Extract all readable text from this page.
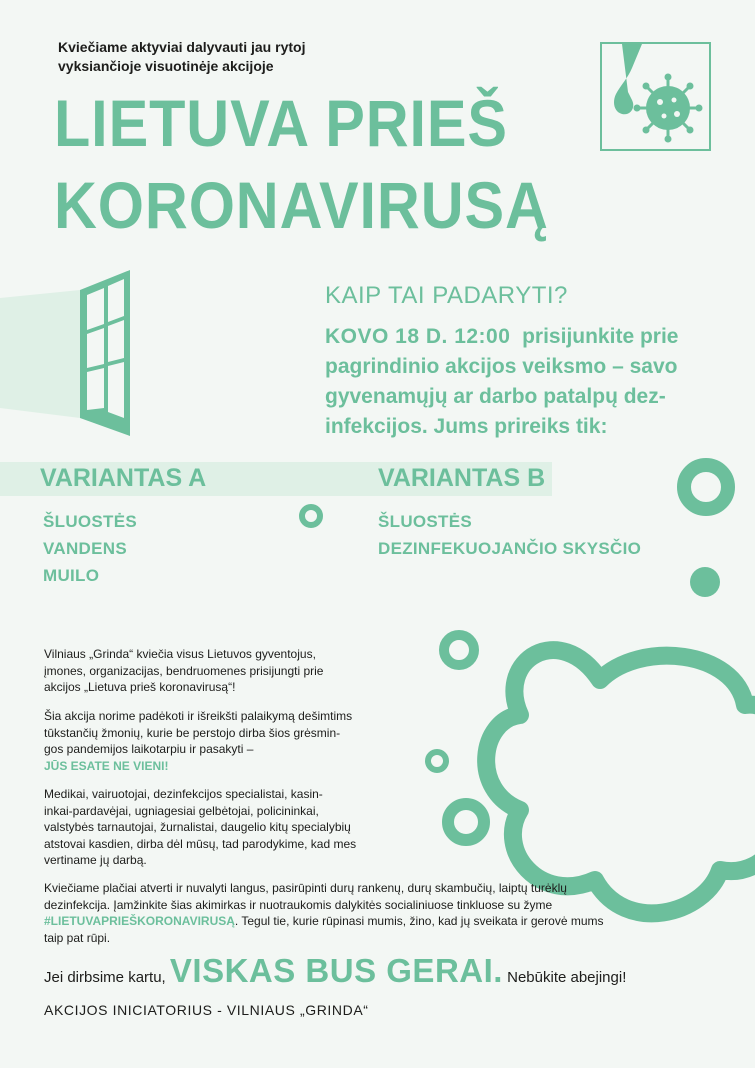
Kviečiame aktyviai dalyvauti jau rytoj
vyksiančioje visuotinėje akcijoje
LIETUVA PRIEŠ
KORONAVIRUSĄ
KAIP TAI PADARYTI?
KOVO 18 D. 12:00 prisijunkite prie
pagrindinio akcijos veiksmo – savo
gyvenamųjų ar darbo patalpų dez-
infekcijos. Jums prireiks tik:
VARIANTAS A	VARIANTAS B
ŠLUOSTĖS
VANDENS
MUILO
ŠLUOSTĖS
DEZINFEKUOJANČIO SKYSČIO
Vilniaus „Grinda“ kviečia visus Lietuvos gyventojus,
įmones, organizacijas, bendruomenes prisijungti prie
akcijos „Lietuva prieš koronavirusą“!
Šia akcija norime padėkoti ir išreikšti palaikymą dešimtims
tūkstančių žmonių, kurie be perstojo dirba šios grėsmin-
gos pandemijos laikotarpiu ir pasakyti –
JŪS ESATE NE VIENI!
Medikai, vairuotojai, dezinfekcijos specialistai, kasin-
inkai-pardavėjai, ugniagesiai gelbėtojai, policininkai,
valstybės tarnautojai, žurnalistai, daugelio kitų specialybių
atstovai kasdien, dirba dėl mūsų, tad parodykime, kad mes
vertiname jų darbą.
Kviečiame plačiai atverti ir nuvalyti langus, pasirūpinti durų rankenų, durų skambučių, laiptų turėklų
dezinfekcija. Įamžinkite šias akimirkas ir nuotraukomis dalykitės socialiniuose tinkluose su žyme
#LIETUVAPRIEŠKORONAVIRUSĄ. Tegul tie, kurie rūpinasi mumis, žino, kad jų sveikata ir gerovė mums
taip pat rūpi.
Jei dirbsime kartu, VISKAS BUS GERAI. Nebūkite abejingi!
AKCIJOS INICIATORIUS - VILNIAUS „GRINDA“
